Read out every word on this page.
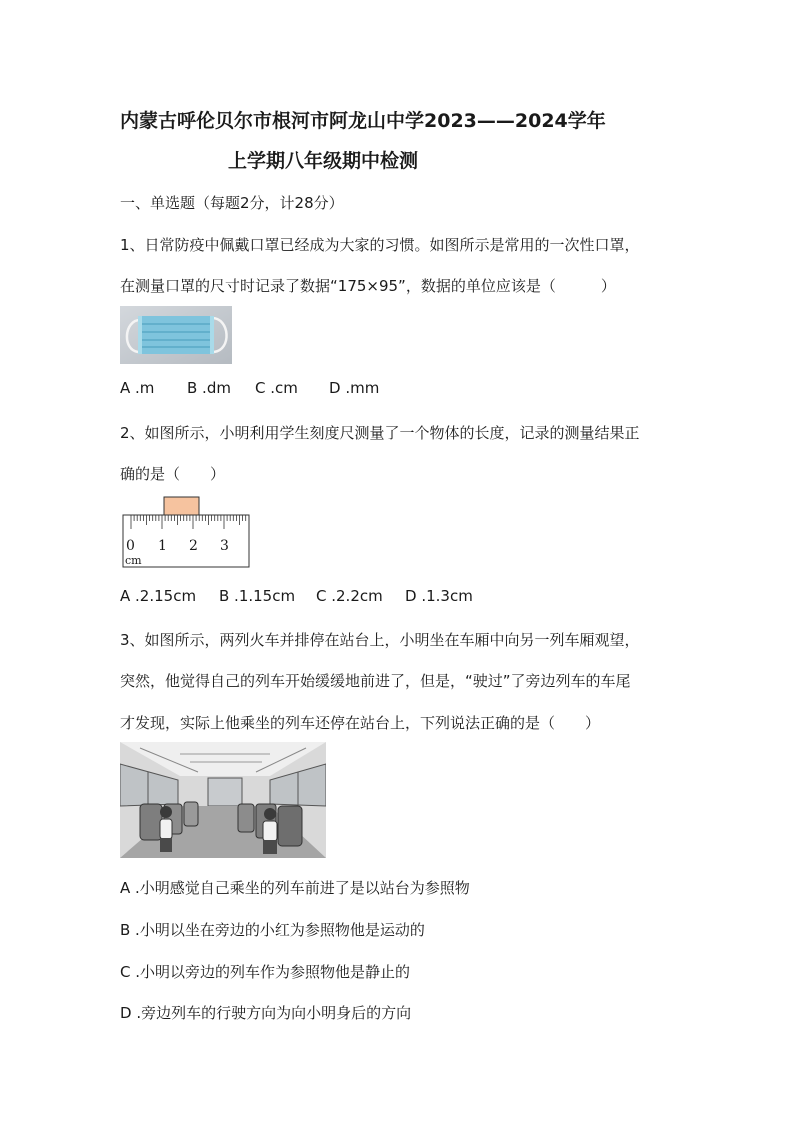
内蒙古呼伦贝尔市根河市阿龙山中学2023——2024学年
上学期八年级期中检测
一、单选题（每题2分，计28分）
1、日常防疫中佩戴口罩已经成为大家的习惯。如图所示是常用的一次性口罩，
在测量口罩的尺寸时记录了数据“175×95”，数据的单位应该是（　　　）
A .m B .dm C .cm D .mm
2、如图所示，小明利用学生刻度尺测量了一个物体的长度，记录的测量结果正
确的是（　　）
0 1 2 3
cm
A .2.15cm B .1.15cm C .2.2cm D .1.3cm
3、如图所示，两列火车并排停在站台上，小明坐在车厢中向另一列车厢观望，
突然，他觉得自己的列车开始缓缓地前进了，但是，“驶过”了旁边列车的车尾
才发现，实际上他乘坐的列车还停在站台上，下列说法正确的是（　　）
A .小明感觉自己乘坐的列车前进了是以站台为参照物
B .小明以坐在旁边的小红为参照物他是运动的
C .小明以旁边的列车作为参照物他是静止的
D .旁边列车的行驶方向为向小明身后的方向
